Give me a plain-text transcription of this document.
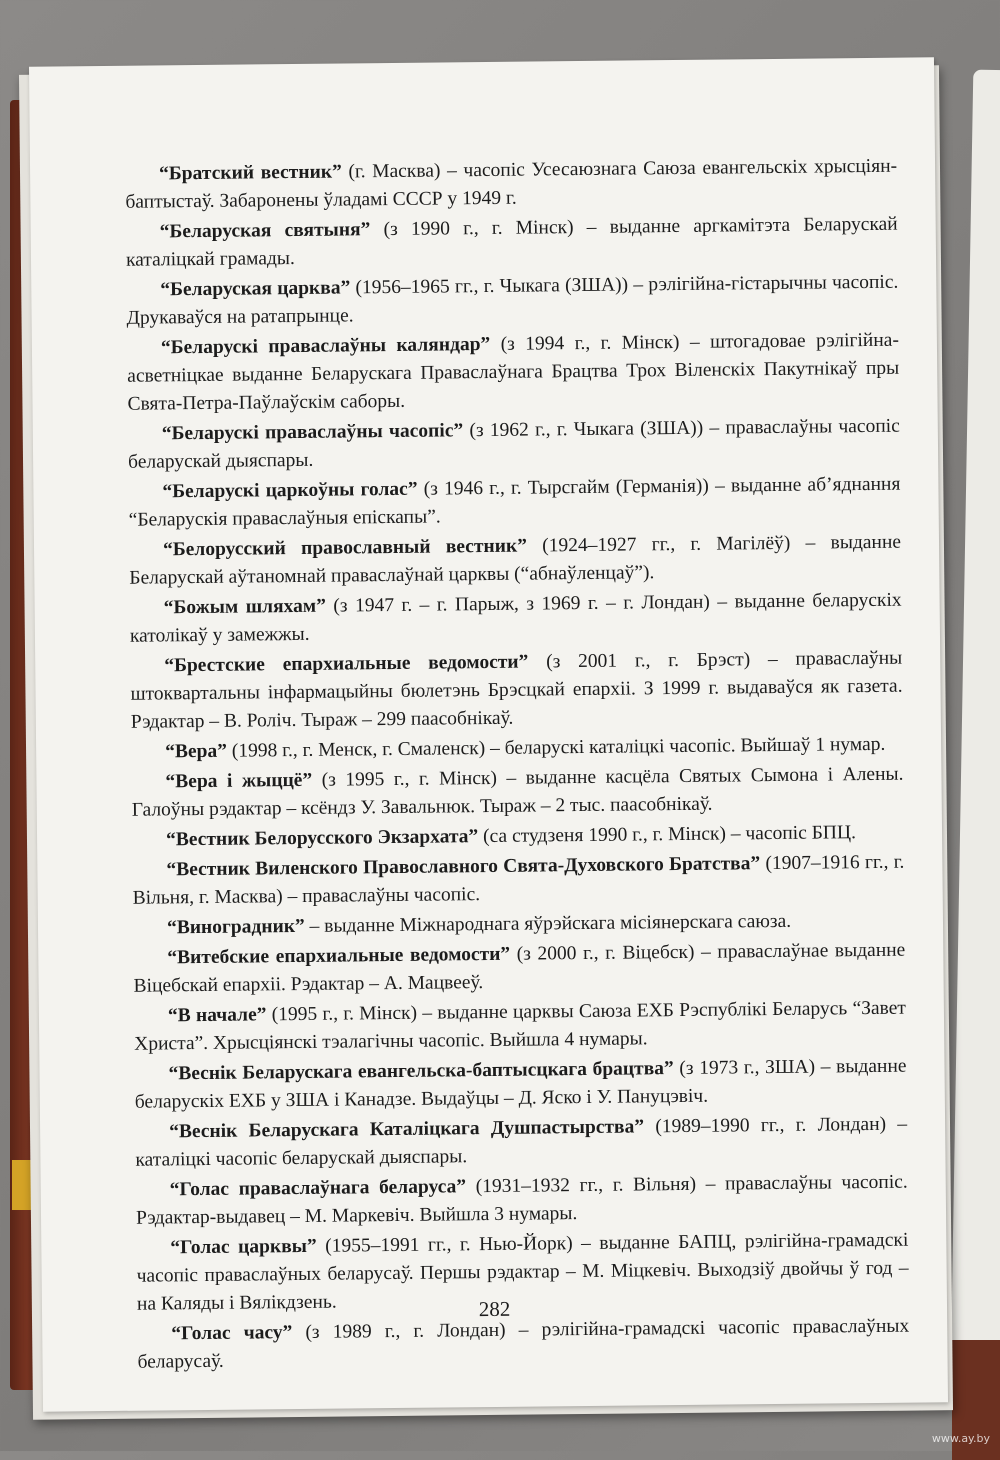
“Братский вестник” (г. Масква) – часопіс Усесаюзнага Саюза евангельскіх хрысціян-баптыстаў. Забаронены ўладамі СССР у 1949 г.

“Беларуская святыня” (з 1990 г., г. Мінск) – выданне аргкамітэта Беларускай каталіцкай грамады.

“Беларуская царква” (1956–1965 гг., г. Чыкага (ЗША)) – рэлігійна-гістарычны часопіс. Друкаваўся на ратапрынце.

“Беларускі праваслаўны каляндар” (з 1994 г., г. Мінск) – штогадовае рэлігійна-асветніцкае выданне Беларускага Праваслаўнага Брацтва Трох Віленскіх Пакутнікаў пры Свята-Петра-Паўлаўскім саборы.

“Беларускі праваслаўны часопіс” (з 1962 г., г. Чыкага (ЗША)) – праваслаўны часопіс беларускай дыяспары.

“Беларускі царкоўны голас” (з 1946 г., г. Тырсгайм (Германія)) – выданне аб’яднання “Беларускія праваслаўныя епіскапы”.

“Белорусский православный вестник” (1924–1927 гг., г. Магілёў) – выданне Беларускай аўтаномнай праваслаўнай царквы (“абнаўленцаў”).

“Божым шляхам” (з 1947 г. – г. Парыж, з 1969 г. – г. Лондан) – выданне беларускіх католікаў у замежжы.

“Брестские епархиальные ведомости” (з 2001 г., г. Брэст) – праваслаўны штоквартальны інфармацыйны бюлетэнь Брэсцкай епархіі. З 1999 г. выдаваўся як газета. Рэдактар – В. Роліч. Тыраж – 299 паасобнікаў.

“Вера” (1998 г., г. Менск, г. Смаленск) – беларускі каталіцкі часопіс. Выйшаў 1 нумар.

“Вера і жыццё” (з 1995 г., г. Мінск) – выданне касцёла Святых Сымона і Алены. Галоўны рэдактар – ксёндз У. Завальнюк. Тыраж – 2 тыс. паасобнікаў.

“Вестник Белорусского Экзархата” (са студзеня 1990 г., г. Мінск) – часопіс БПЦ.

“Вестник Виленского Православного Свята-Духовского Братства” (1907–1916 гг., г. Вільня, г. Масква) – праваслаўны часопіс.

“Виноградник” – выданне Міжнароднага яўрэйскага місіянерскага саюза.

“Витебские епархиальные ведомости” (з 2000 г., г. Віцебск) – праваслаўнае выданне Віцебскай епархіі. Рэдактар – А. Мацвееў.

“В начале” (1995 г., г. Мінск) – выданне царквы Саюза ЕХБ Рэспублікі Беларусь “Завет Христа”. Хрысціянскі тэалагічны часопіс. Выйшла 4 нумары.

“Веснік Беларускага евангельска-баптысцкага брацтва” (з 1973 г., ЗША) – выданне беларускіх ЕХБ у ЗША і Канадзе. Выдаўцы – Д. Яско і У. Пануцэвіч.

“Веснік Беларускага Каталіцкага Душпастырства” (1989–1990 гг., г. Лондан) – каталіцкі часопіс беларускай дыяспары.

“Голас праваслаўнага беларуса” (1931–1932 гг., г. Вільня) – праваслаўны часопіс. Рэдактар-выдавец – М. Маркевіч. Выйшла 3 нумары.

“Голас царквы” (1955–1991 гг., г. Нью-Йорк) – выданне БАПЦ, рэлігійна-грамадскі часопіс праваслаўных беларусаў. Першы рэдактар – М. Міцкевіч. Выходзіў двойчы ў год – на Каляды і Вялікдзень.

“Голас часу” (з 1989 г., г. Лондан) – рэлігійна-грамадскі часопіс праваслаўных беларусаў.

282
www.ay.by
